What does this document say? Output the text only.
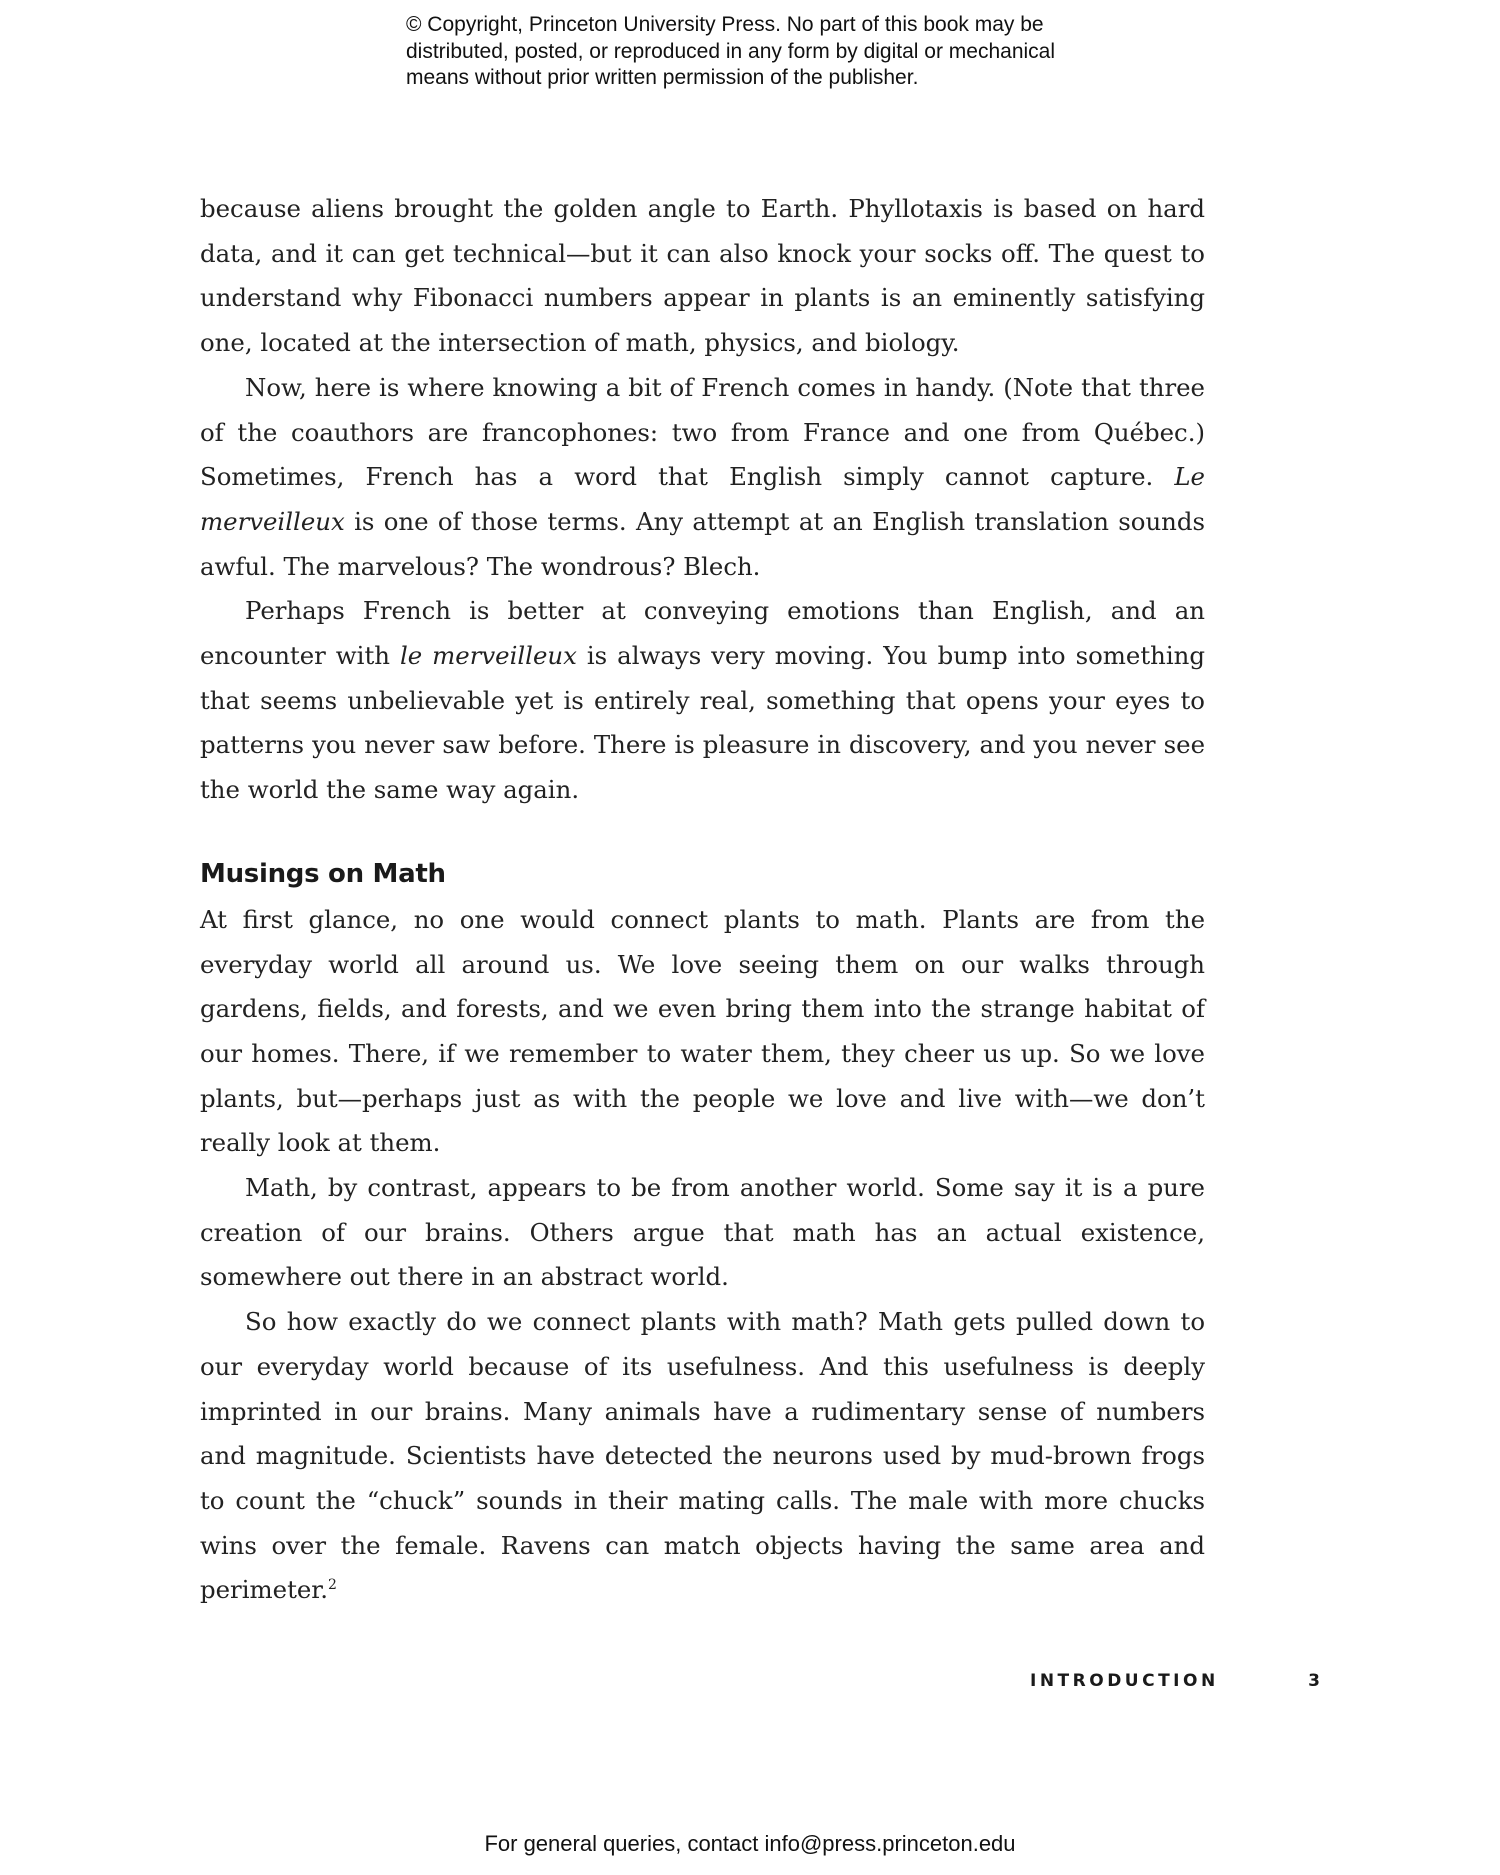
© Copyright, Princeton University Press. No part of this book may be
distributed, posted, or reproduced in any form by digital or mechanical
means without prior written permission of the publisher.

because aliens brought the golden angle to Earth. Phyllotaxis is based on hard data, and it can get technical—but it can also knock your socks off. The quest to understand why Fibonacci numbers appear in plants is an eminently satisfying one, located at the intersection of math, physics, and biology.

Now, here is where knowing a bit of French comes in handy. (Note that three of the coauthors are francophones: two from France and one from Québec.) Sometimes, French has a word that English simply cannot capture. Le merveilleux is one of those terms. Any attempt at an English translation sounds awful. The marvelous? The wondrous? Blech.

Perhaps French is better at conveying emotions than English, and an encounter with le merveilleux is always very moving. You bump into something that seems unbelievable yet is entirely real, something that opens your eyes to patterns you never saw before. There is pleasure in discovery, and you never see the world the same way again.

Musings on Math

At first glance, no one would connect plants to math. Plants are from the everyday world all around us. We love seeing them on our walks through gardens, fields, and forests, and we even bring them into the strange habitat of our homes. There, if we remember to water them, they cheer us up. So we love plants, but—perhaps just as with the people we love and live with—we don’t really look at them.

Math, by contrast, appears to be from another world. Some say it is a pure creation of our brains. Others argue that math has an actual existence, somewhere out there in an abstract world.

So how exactly do we connect plants with math? Math gets pulled down to our everyday world because of its usefulness. And this usefulness is deeply imprinted in our brains. Many animals have a rudimentary sense of numbers and magnitude. Scientists have detected the neurons used by mud-brown frogs to count the “chuck” sounds in their mating calls. The male with more chucks wins over the female. Ravens can match objects having the same area and perimeter.$^2$

INTRODUCTION	3
For general queries, contact info@press.princeton.edu
